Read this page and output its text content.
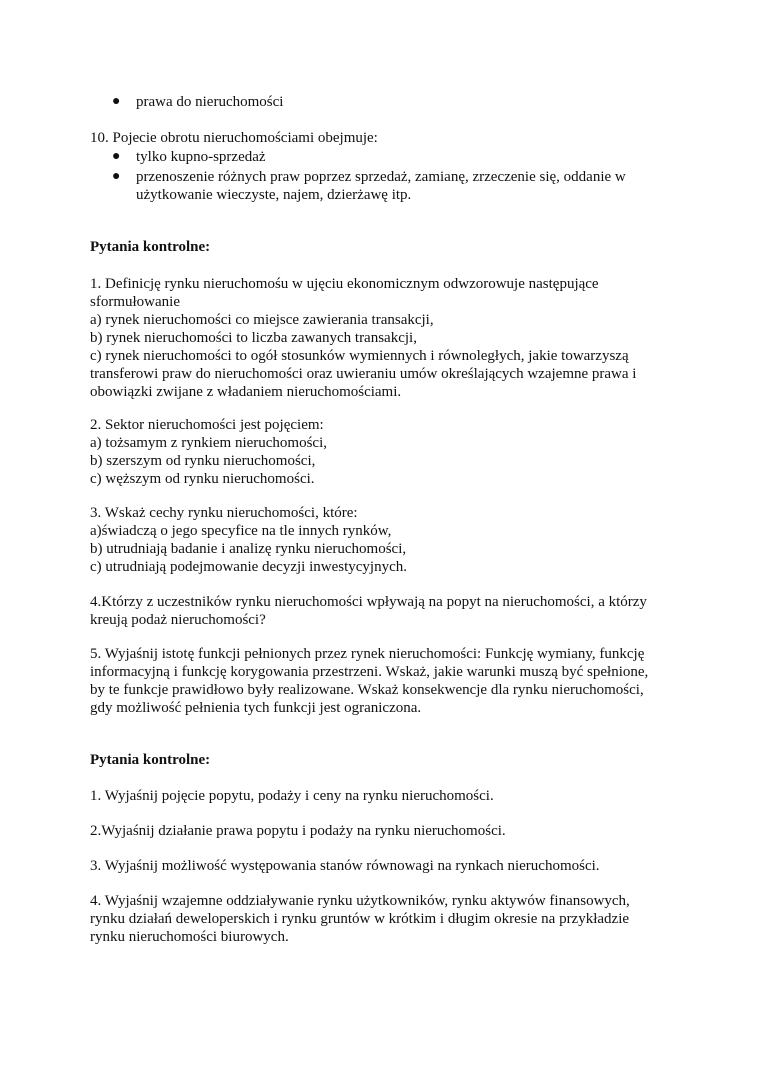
●	prawa do nieruchomości
10. Pojecie obrotu nieruchomościami obejmuje:
●	tylko kupno-sprzedaż
●	przenoszenie różnych praw poprzez sprzedaż, zamianę, zrzeczenie się, oddanie w
użytkowanie wieczyste, najem, dzierżawę itp.
Pytania kontrolne:
1. Definicję rynku nieruchomośu w ujęciu ekonomicznym odwzorowuje następujące
sformułowanie
a) rynek nieruchomości co miejsce zawierania transakcji,
b) rynek nieruchomości to liczba zawanych transakcji,
c) rynek nieruchomości to ogół stosunków wymiennych i równoległych, jakie towarzyszą
transferowi praw do nieruchomości oraz uwieraniu umów określających wzajemne prawa i
obowiązki zwijane z władaniem nieruchomościami.
2. Sektor nieruchomości jest pojęciem:
a) tożsamym z rynkiem nieruchomości,
b) szerszym od rynku nieruchomości,
c) węższym od rynku nieruchomości.
3. Wskaż cechy rynku nieruchomości, które:
a)świadczą o jego specyfice na tle innych rynków,
b) utrudniają badanie i analizę rynku nieruchomości,
c) utrudniają podejmowanie decyzji inwestycyjnych.
4.Którzy z uczestników rynku nieruchomości wpływają na popyt na nieruchomości, a którzy
kreują podaż nieruchomości?
5. Wyjaśnij istotę funkcji pełnionych przez rynek nieruchomości: Funkcję wymiany, funkcję
informacyjną i funkcję korygowania przestrzeni. Wskaż, jakie warunki muszą być spełnione,
by te funkcje prawidłowo były realizowane. Wskaż konsekwencje dla rynku nieruchomości,
gdy możliwość pełnienia tych funkcji jest ograniczona.
Pytania kontrolne:
1. Wyjaśnij pojęcie popytu, podaży i ceny na rynku nieruchomości.
2.Wyjaśnij działanie prawa popytu i podaży na rynku nieruchomości.
3. Wyjaśnij możliwość występowania stanów równowagi na rynkach nieruchomości.
4. Wyjaśnij wzajemne oddziaływanie rynku użytkowników, rynku aktywów finansowych,
rynku działań deweloperskich i rynku gruntów w krótkim i długim okresie na przykładzie
rynku nieruchomości biurowych.
